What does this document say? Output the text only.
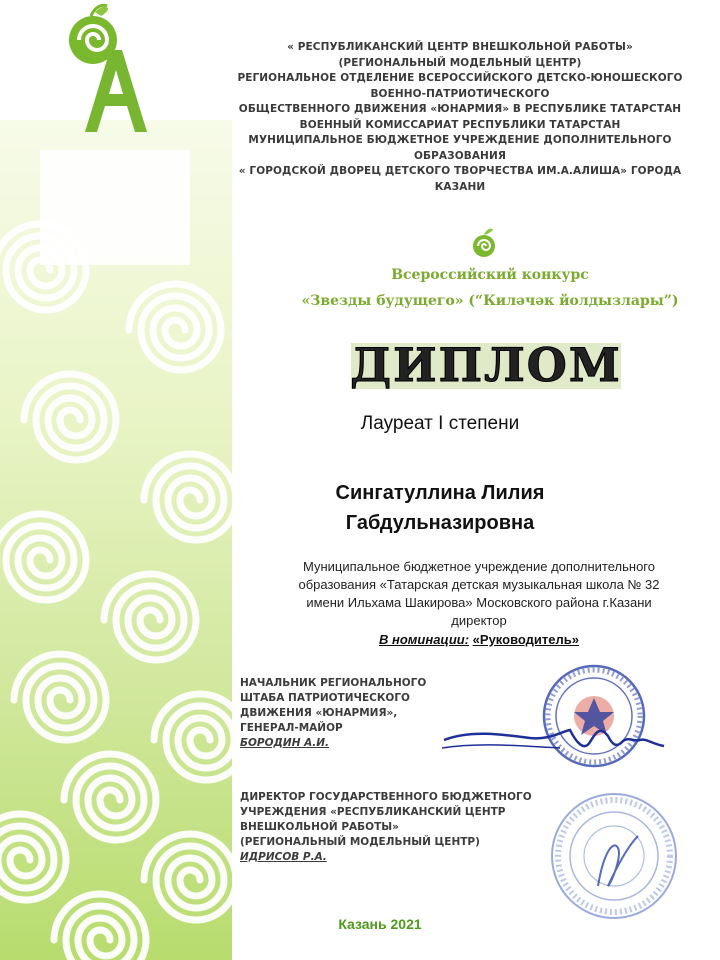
« РЕСПУБЛИКАНСКИЙ ЦЕНТР ВНЕШКОЛЬНОЙ РАБОТЫ»
(РЕГИОНАЛЬНЫЙ МОДЕЛЬНЫЙ ЦЕНТР)
РЕГИОНАЛЬНОЕ ОТДЕЛЕНИЕ ВСЕРОССИЙСКОГО ДЕТСКО-ЮНОШЕСКОГО
ВОЕННО-ПАТРИОТИЧЕСКОГО
ОБЩЕСТВЕННОГО ДВИЖЕНИЯ «ЮНАРМИЯ» В РЕСПУБЛИКЕ ТАТАРСТАН
ВОЕННЫЙ КОМИССАРИАТ РЕСПУБЛИКИ ТАТАРСТАН
МУНИЦИПАЛЬНОЕ БЮДЖЕТНОЕ УЧРЕЖДЕНИЕ ДОПОЛНИТЕЛЬНОГО ОБРАЗОВАНИЯ
« ГОРОДСКОЙ ДВОРЕЦ ДЕТСКОГО ТВОРЧЕСТВА ИМ.А.АЛИША» ГОРОДА КАЗАНИ
Всероссийский конкурс
«Звезды будущего» (“Киләчәк йолдызлары”)
ДИПЛОМ
Лауреат I степени
Сингатуллина Лилия
Габдульназировна
Муниципальное бюджетное учреждение дополнительного
образования «Татарская детская музыкальная школа № 32
имени Ильхама Шакирова» Московского района г.Казани
директор
В номинации: «Руководитель»
НАЧАЛЬНИК РЕГИОНАЛЬНОГО
ШТАБА ПАТРИОТИЧЕСКОГО
ДВИЖЕНИЯ «ЮНАРМИЯ»,
ГЕНЕРАЛ-МАЙОР
БОРОДИН А.И.
ДИРЕКТОР ГОСУДАРСТВЕННОГО БЮДЖЕТНОГО
УЧРЕЖДЕНИЯ «РЕСПУБЛИКАНСКИЙ ЦЕНТР
ВНЕШКОЛЬНОЙ РАБОТЫ»
(РЕГИОНАЛЬНЫЙ МОДЕЛЬНЫЙ ЦЕНТР)
ИДРИСОВ Р.А.
Казань 2021
